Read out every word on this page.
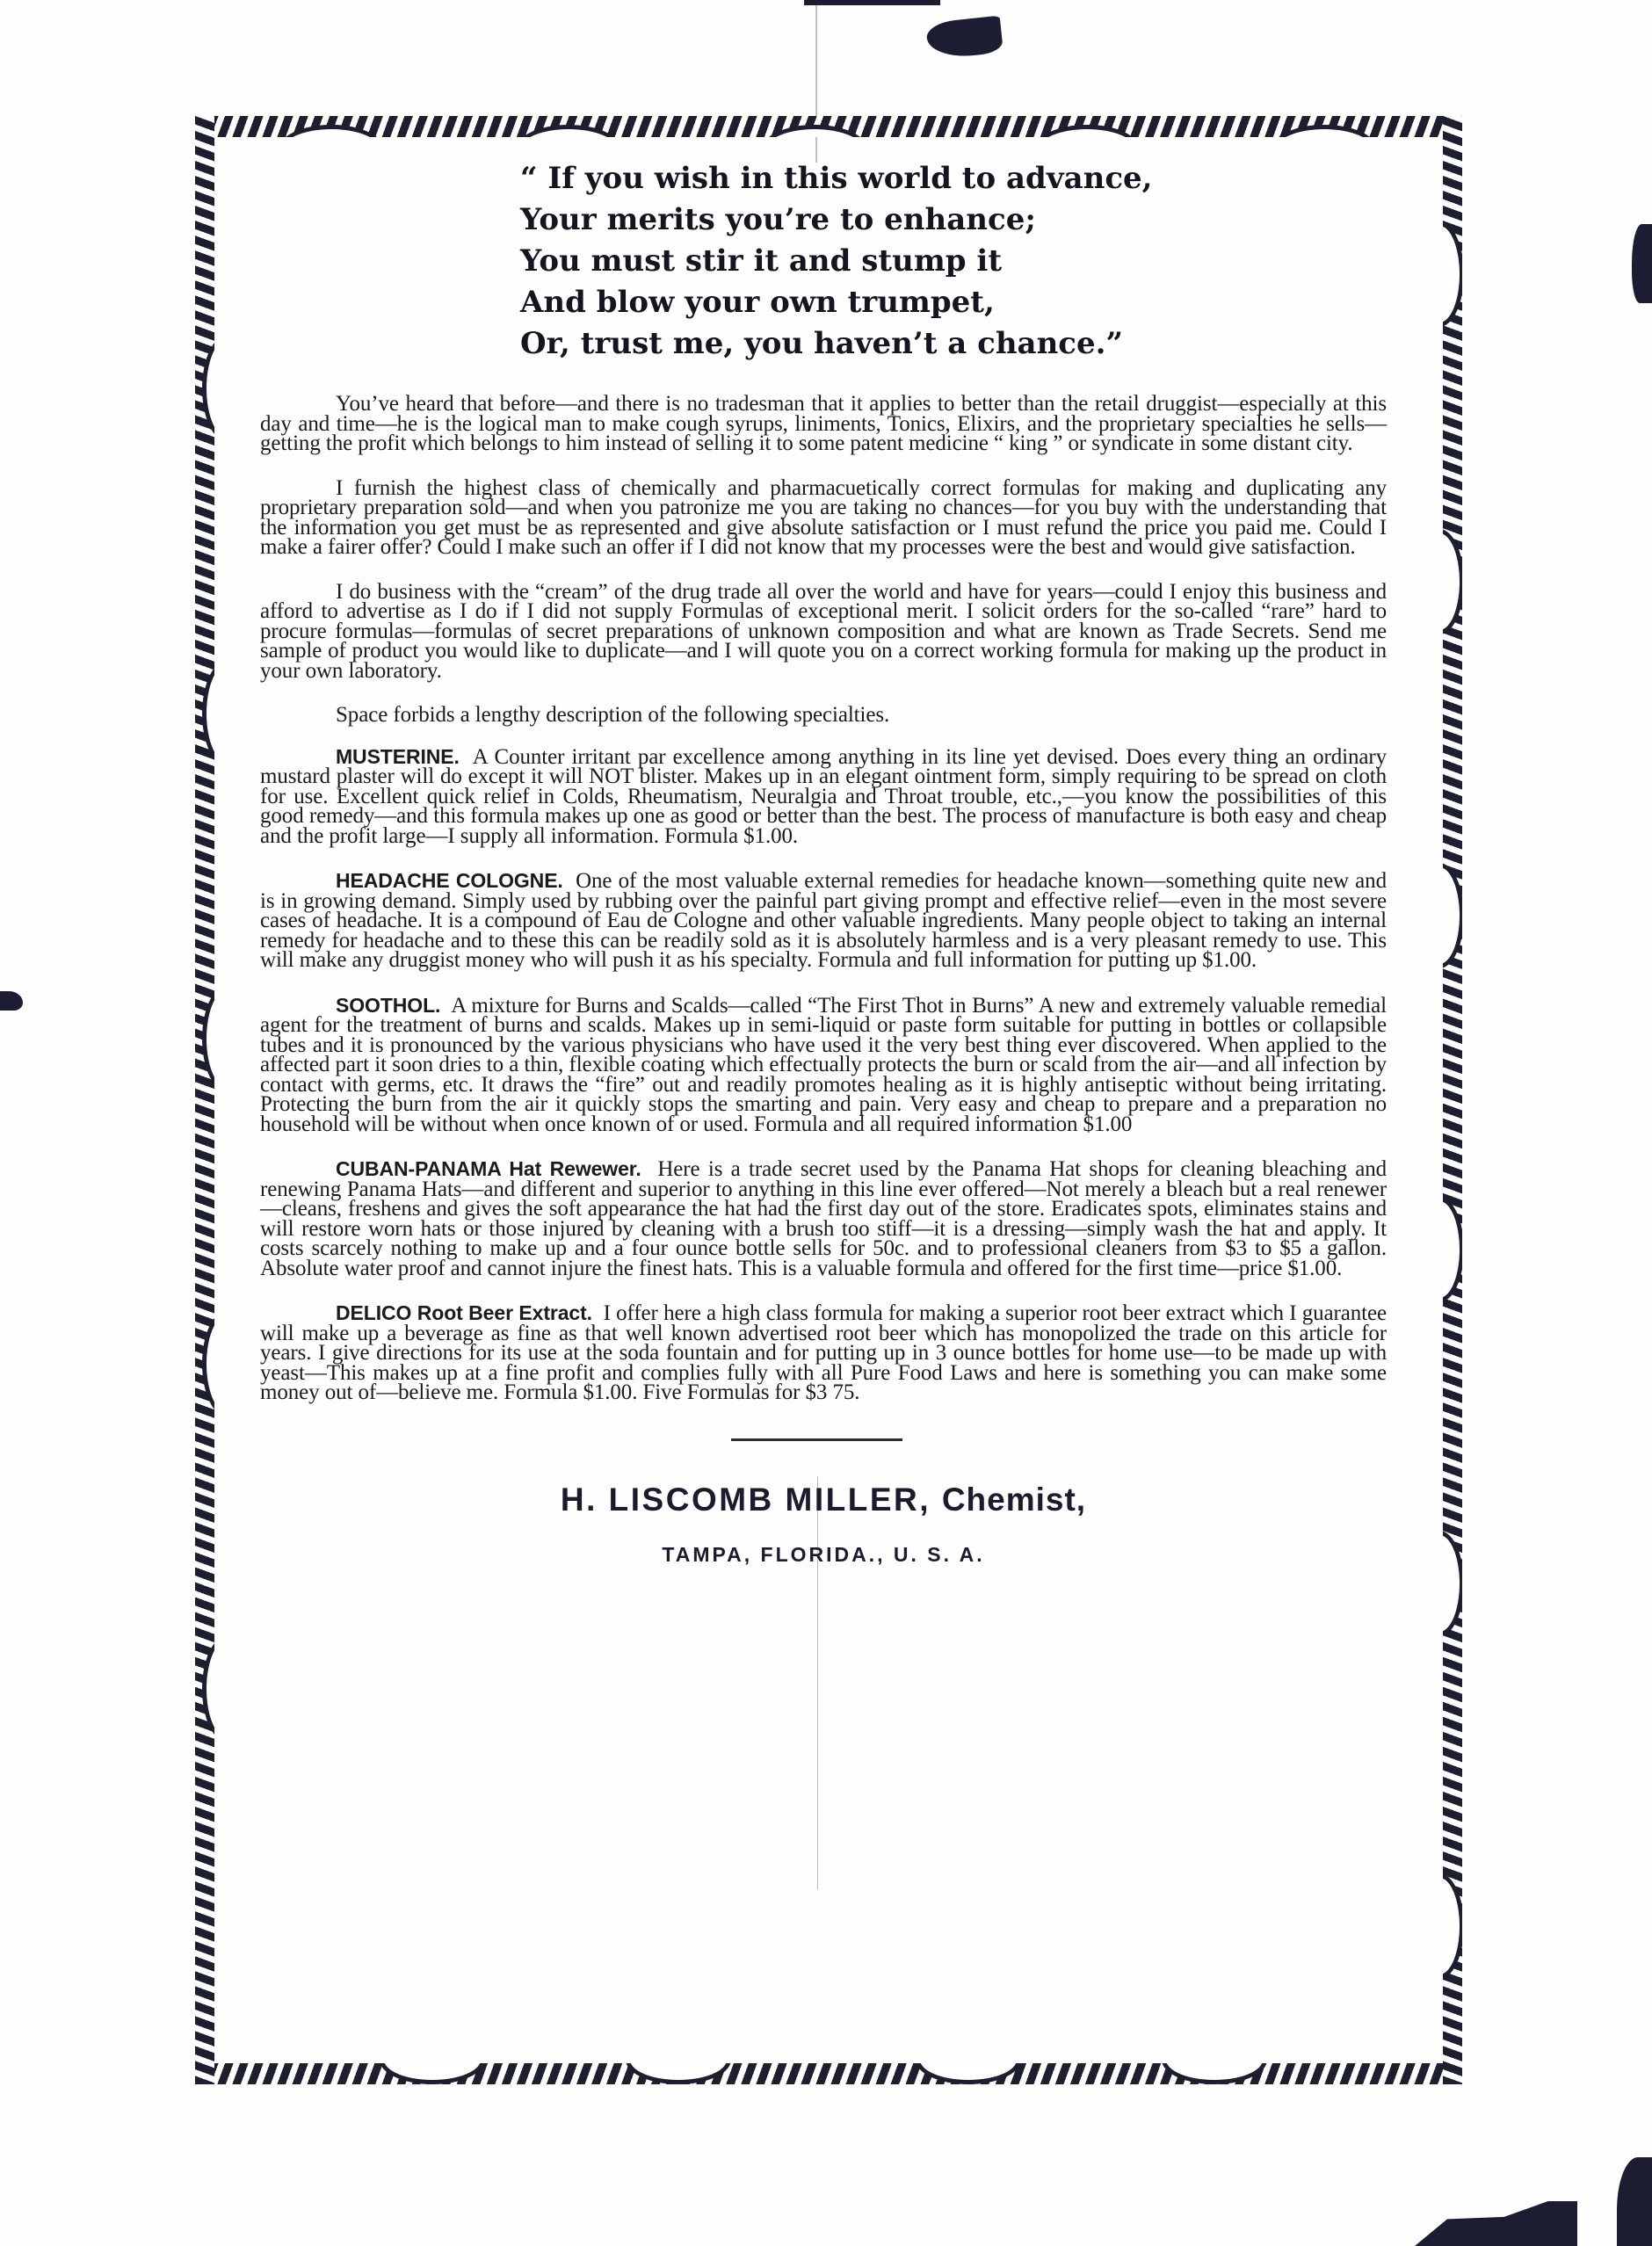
“ If you wish in this world to advance,
Your merits you’re to enhance;
You must stir it and stump it
And blow your own trumpet,
Or, trust me, you haven’t a chance.”

You’ve heard that before—and there is no tradesman that it applies to better than the retail druggist—especially at this day and time—he is the logical man to make cough syrups, liniments, Tonics, Elixirs, and the proprietary specialties he sells—getting the profit which belongs to him instead of selling it to some patent medicine “ king ” or syndicate in some distant city.

I furnish the highest class of chemically and pharmacuetically correct formulas for making and duplicating any proprietary preparation sold—and when you patronize me you are taking no chances—for you buy with the understanding that the information you get must be as represented and give absolute satisfaction or I must refund the price you paid me. Could I make a fairer offer? Could I make such an offer if I did not know that my processes were the best and would give satisfaction.

I do business with the “cream” of the drug trade all over the world and have for years—could I enjoy this business and afford to advertise as I do if I did not supply Formulas of exceptional merit. I solicit orders for the so-called “rare” hard to procure formulas—formulas of secret preparations of unknown composition and what are known as Trade Secrets. Send me sample of product you would like to duplicate—and I will quote you on a correct working formula for making up the product in your own laboratory.

Space forbids a lengthy description of the following specialties.

MUSTERINE. A Counter irritant par excellence among anything in its line yet devised. Does every thing an ordinary mustard plaster will do except it will NOT blister. Makes up in an elegant ointment form, simply requiring to be spread on cloth for use. Excellent quick relief in Colds, Rheumatism, Neuralgia and Throat trouble, etc.,—you know the possibilities of this good remedy—and this formula makes up one as good or better than the best. The process of manufacture is both easy and cheap and the profit large—I supply all information. Formula $1.00.

HEADACHE COLOGNE. One of the most valuable external remedies for headache known—something quite new and is in growing demand. Simply used by rubbing over the painful part giving prompt and effective relief—even in the most severe cases of headache. It is a compound of Eau de Cologne and other valuable ingredients. Many people object to taking an internal remedy for headache and to these this can be readily sold as it is absolutely harmless and is a very pleasant remedy to use. This will make any druggist money who will push it as his specialty. Formula and full information for putting up $1.00.

SOOTHOL. A mixture for Burns and Scalds—called “The First Thot in Burns” A new and extremely valuable remedial agent for the treatment of burns and scalds. Makes up in semi-liquid or paste form suitable for putting in bottles or collapsible tubes and it is pronounced by the various physicians who have used it the very best thing ever discovered. When applied to the affected part it soon dries to a thin, flexible coating which effectually protects the burn or scald from the air—and all infection by contact with germs, etc. It draws the “fire” out and readily promotes healing as it is highly antiseptic without being irritating. Protecting the burn from the air it quickly stops the smarting and pain. Very easy and cheap to prepare and a preparation no household will be without when once known of or used. Formula and all required information $1.00

CUBAN-PANAMA Hat Rewewer. Here is a trade secret used by the Panama Hat shops for cleaning bleaching and renewing Panama Hats—and different and superior to anything in this line ever offered—Not merely a bleach but a real renewer—cleans, freshens and gives the soft appearance the hat had the first day out of the store. Eradicates spots, eliminates stains and will restore worn hats or those injured by cleaning with a brush too stiff—it is a dressing—simply wash the hat and apply. It costs scarcely nothing to make up and a four ounce bottle sells for 50c. and to professional cleaners from $3 to $5 a gallon. Absolute water proof and cannot injure the finest hats. This is a valuable formula and offered for the first time—price $1.00.

DELICO Root Beer Extract. I offer here a high class formula for making a superior root beer extract which I guarantee will make up a beverage as fine as that well known advertised root beer which has monopolized the trade on this article for years. I give directions for its use at the soda fountain and for putting up in 3 ounce bottles for home use—to be made up with yeast—This makes up at a fine profit and complies fully with all Pure Food Laws and here is something you can make some money out of—believe me. Formula $1.00. Five Formulas for $3 75.

H. LISCOMB MILLER, Chemist,
TAMPA, FLORIDA., U. S. A.
